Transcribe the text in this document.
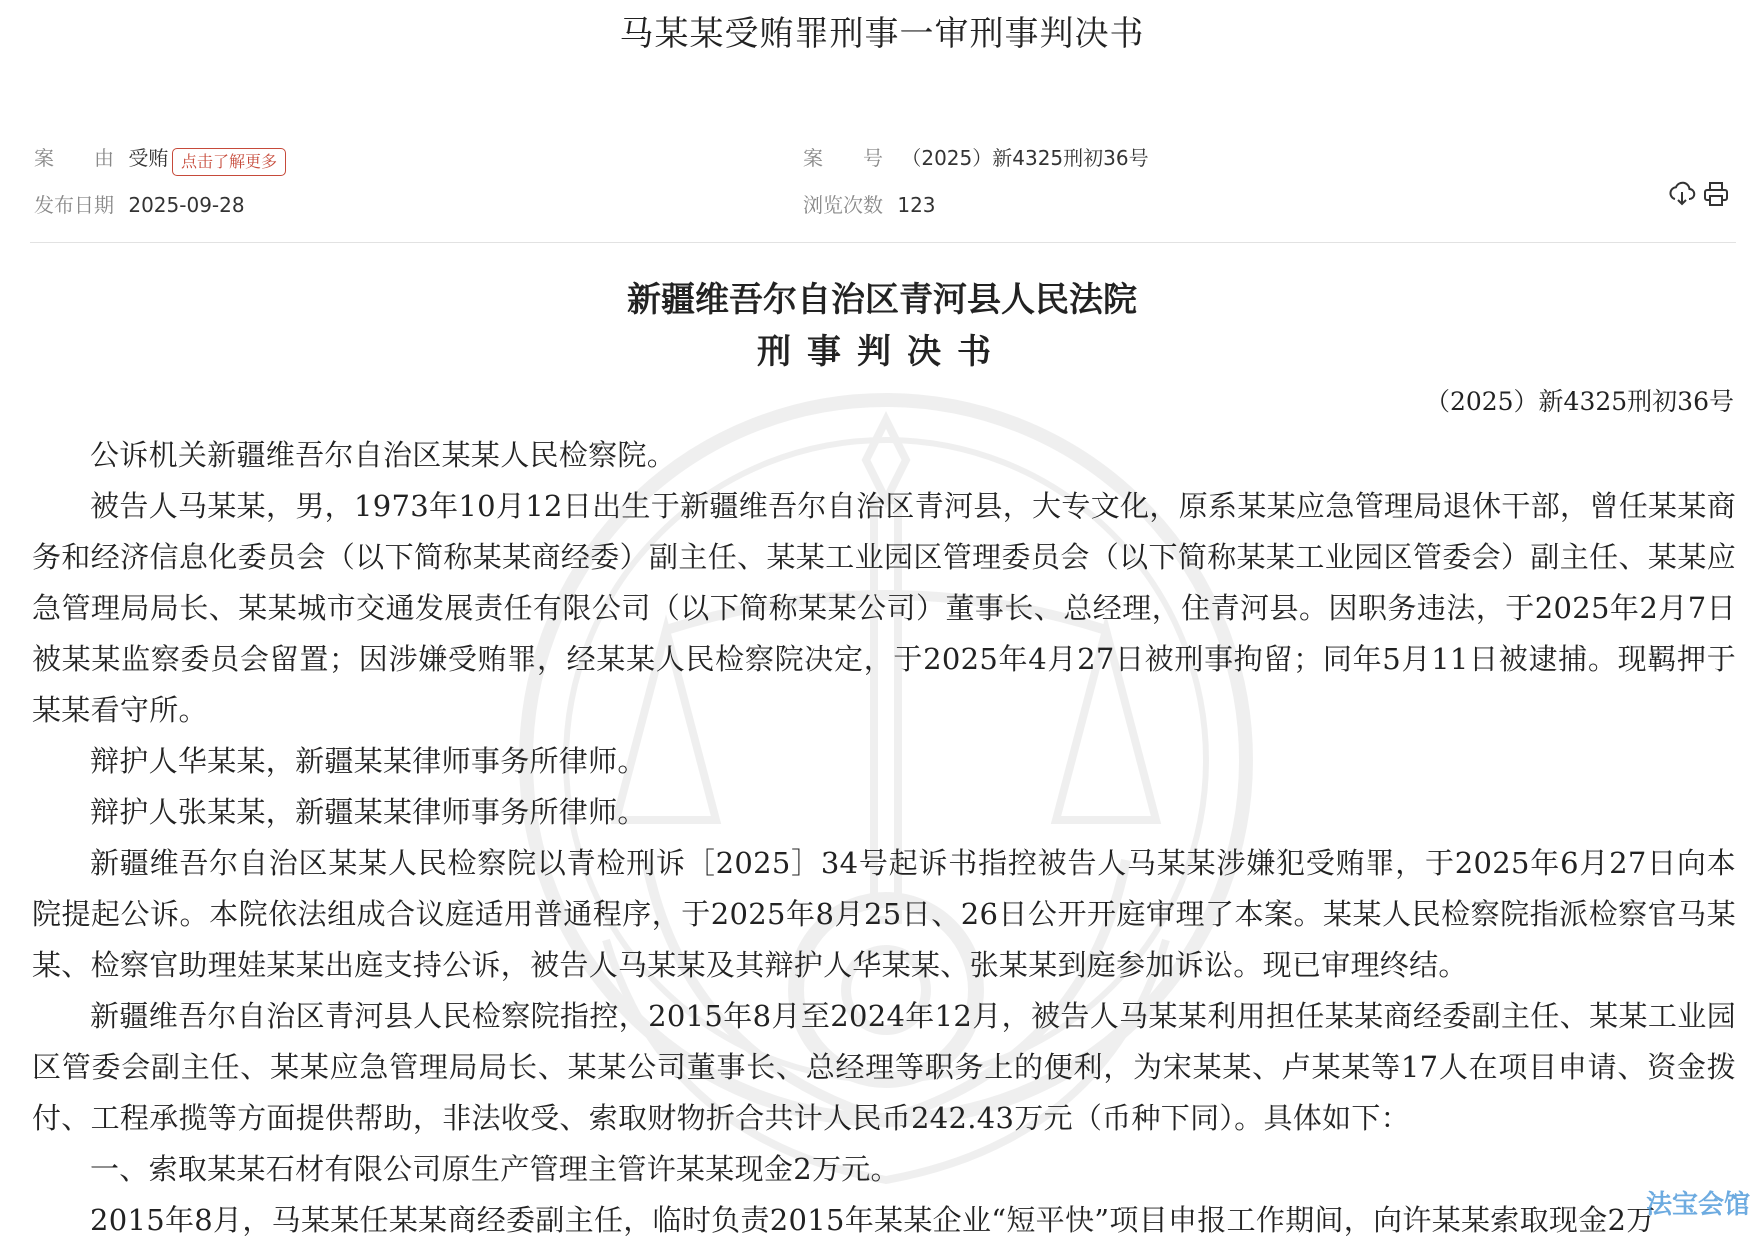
马某某受贿罪刑事一审刑事判决书
案　　由 受贿 点击了解更多
发布日期 2025-09-28
案　　号 （2025）新4325刑初36号
浏览次数 123
新疆维吾尔自治区青河县人民法院
刑事判决书
（2025）新4325刑初36号

公诉机关新疆维吾尔自治区某某人民检察院。

被告人马某某，男，1973年10月12日出生于新疆维吾尔自治区青河县，大专文化，原系某某应急管理局退休干部，曾任某某商务和经济信息化委员会（以下简称某某商经委）副主任、某某工业园区管理委员会（以下简称某某工业园区管委会）副主任、某某应急管理局局长、某某城市交通发展责任有限公司（以下简称某某公司）董事长、总经理，住青河县。因职务违法，于2025年2月7日被某某监察委员会留置；因涉嫌受贿罪，经某某人民检察院决定，于2025年4月27日被刑事拘留；同年5月11日被逮捕。现羁押于某某看守所。

辩护人华某某，新疆某某律师事务所律师。

辩护人张某某，新疆某某律师事务所律师。

新疆维吾尔自治区某某人民检察院以青检刑诉［2025］34号起诉书指控被告人马某某涉嫌犯受贿罪，于2025年6月27日向本院提起公诉。本院依法组成合议庭适用普通程序，于2025年8月25日、26日公开开庭审理了本案。某某人民检察院指派检察官马某某、检察官助理娃某某出庭支持公诉，被告人马某某及其辩护人华某某、张某某到庭参加诉讼。现已审理终结。

新疆维吾尔自治区青河县人民检察院指控，2015年8月至2024年12月，被告人马某某利用担任某某商经委副主任、某某工业园区管委会副主任、某某应急管理局局长、某某公司董事长、总经理等职务上的便利，为宋某某、卢某某等17人在项目申请、资金拨付、工程承揽等方面提供帮助，非法收受、索取财物折合共计人民币242.43万元（币种下同）。具体如下：

一、索取某某石材有限公司原生产管理主管许某某现金2万元。

2015年8月，马某某任某某商经委副主任，临时负责2015年某某企业“短平快”项目申报工作期间，向许某某索取现金2万

法宝会馆
